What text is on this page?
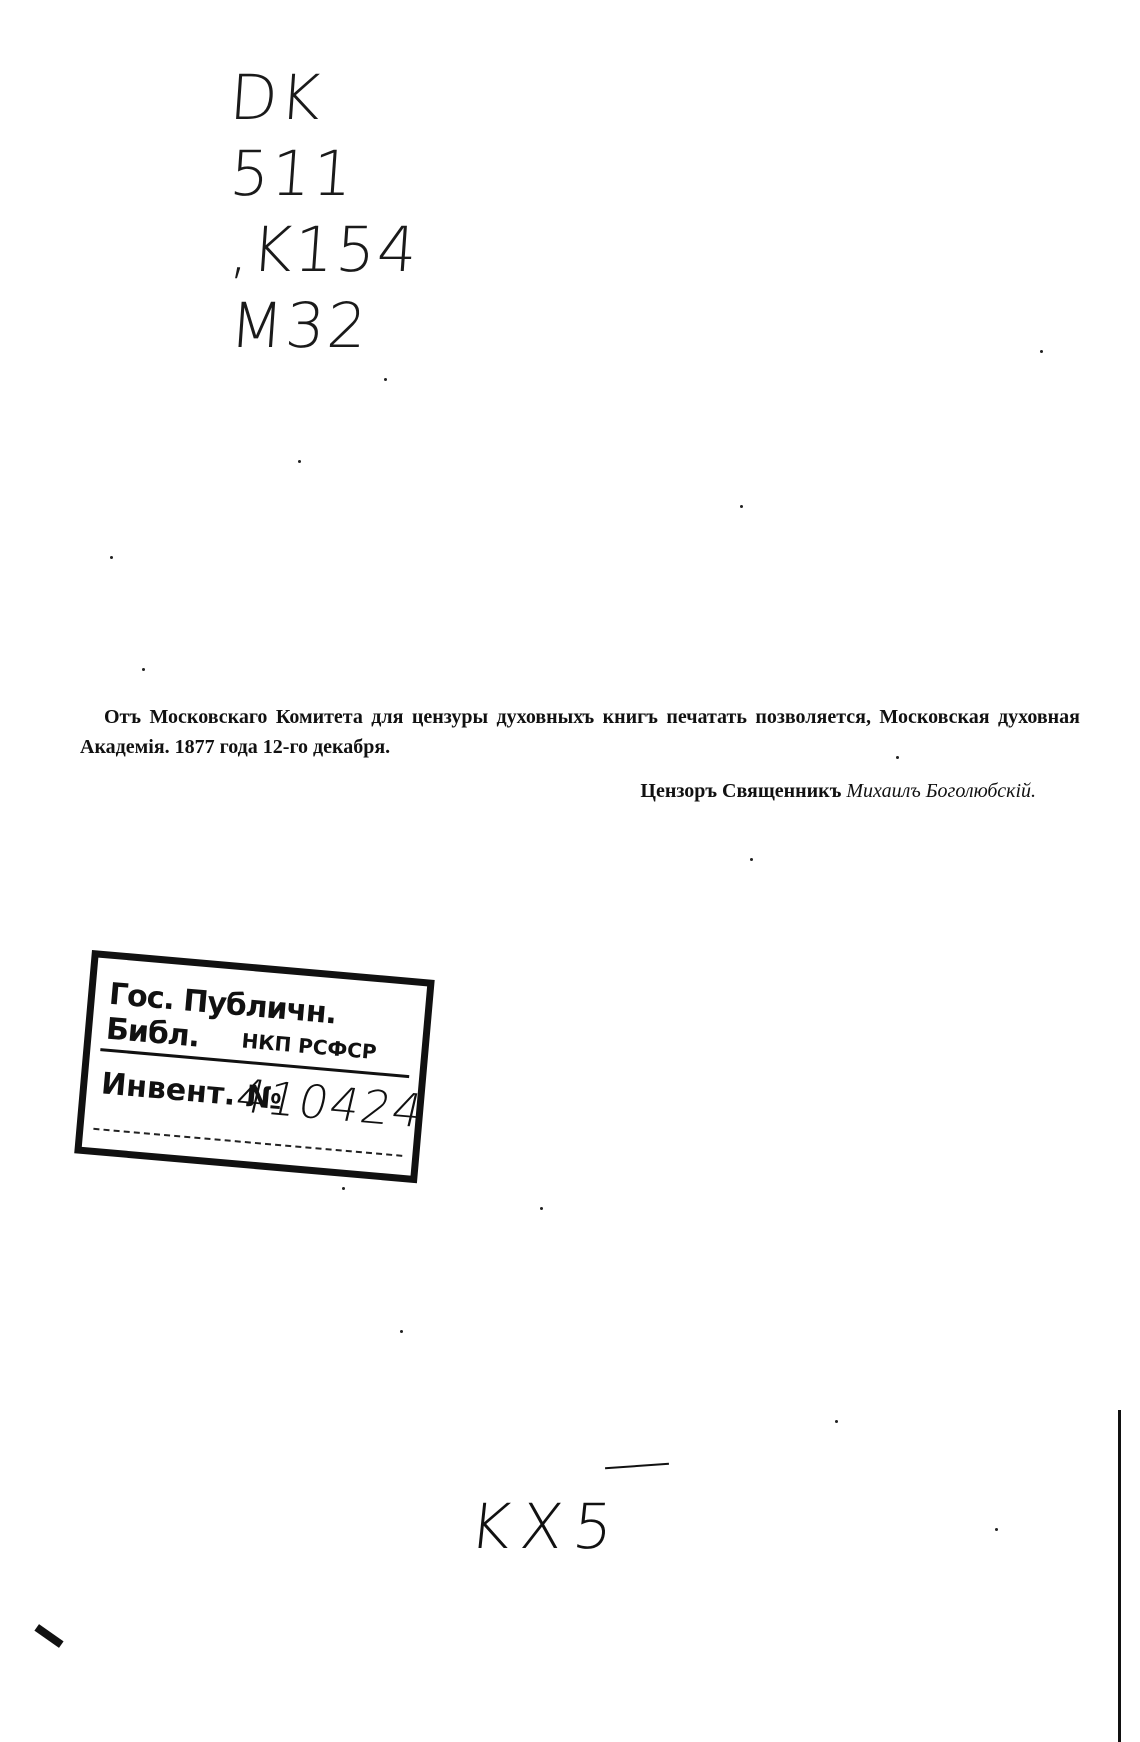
DK
511
,K154
M32
Отъ Московскаго Комитета для цензуры духовныхъ книгъ печатать позволяется, Московская духовная Академія. 1877 года 12-го декабря.
Цензоръ Священникъ Михаилъ Боголюбскій.
Гос. Публичн. Библ.	НКП РСФСР
Инвент. №
410424
KX5
